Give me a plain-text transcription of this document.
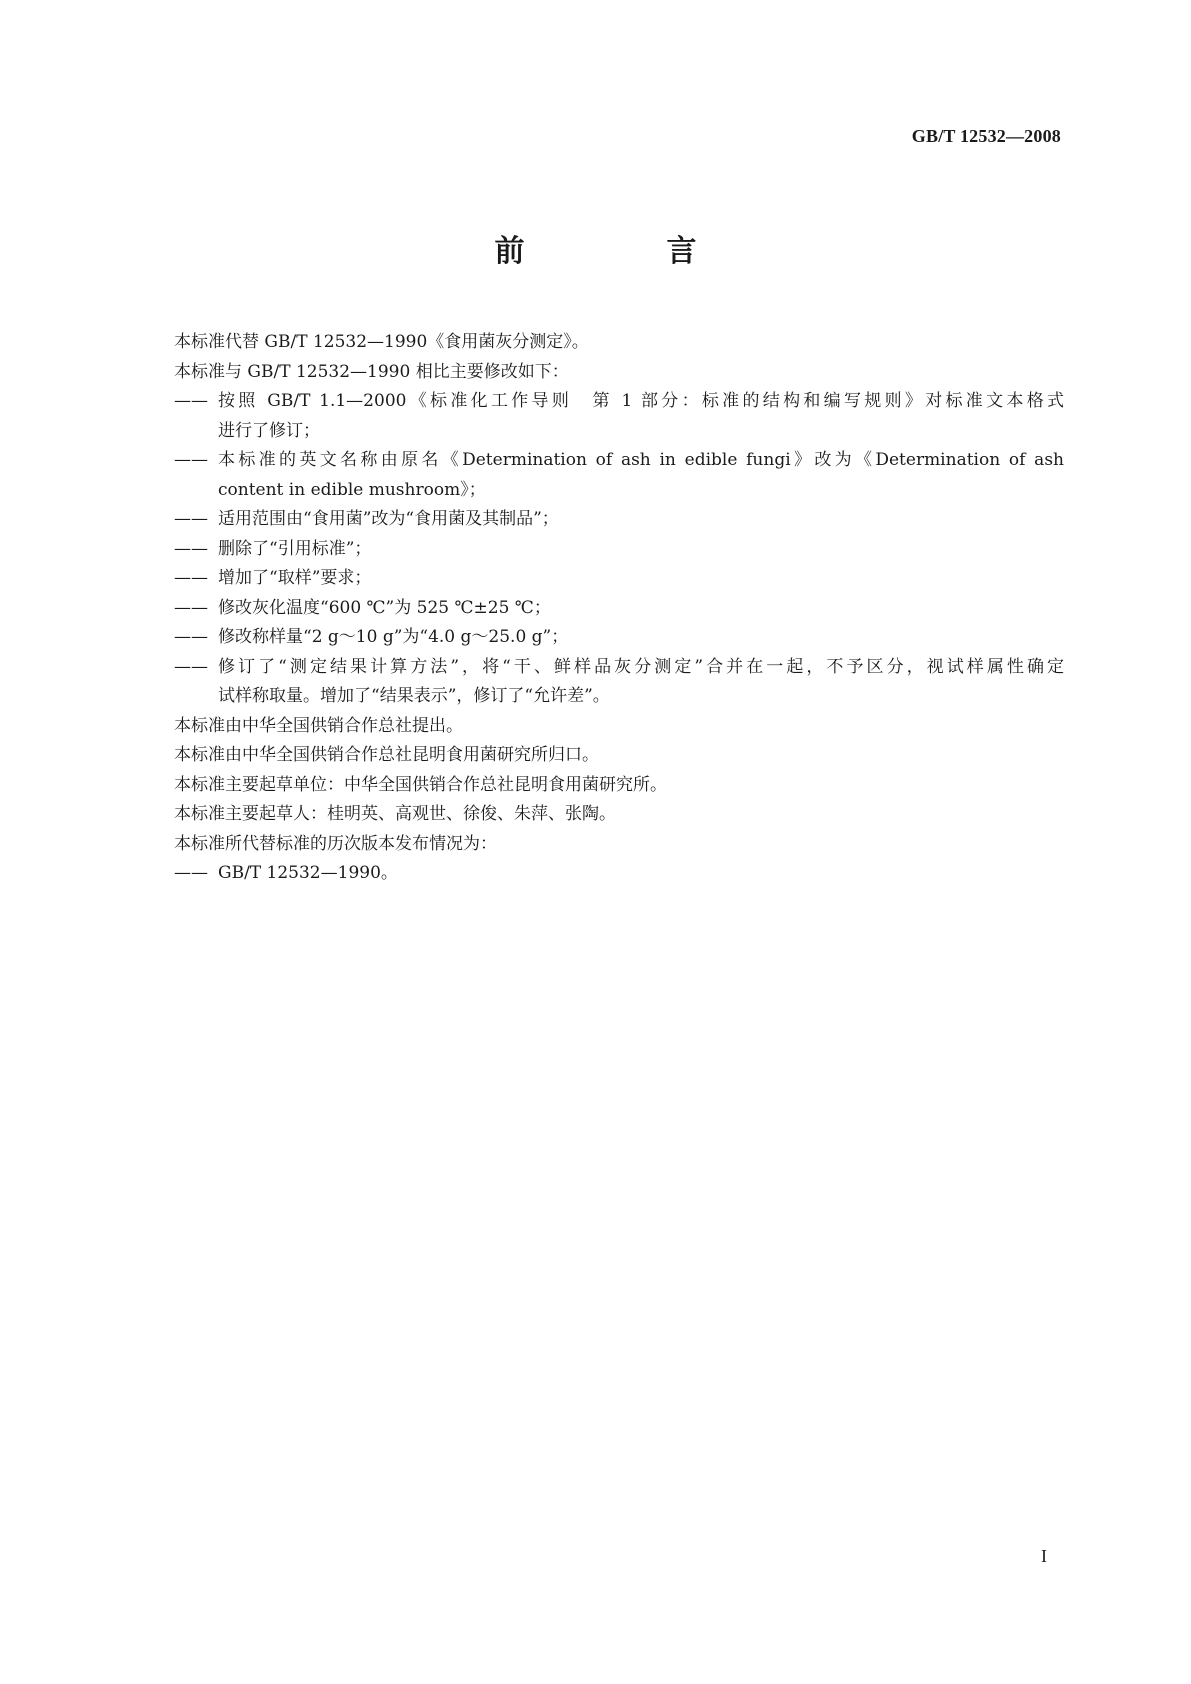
GB/T 12532—2008
前　言

本标准代替 GB/T 12532—1990《食用菌灰分测定》。

本标准与 GB/T 12532—1990 相比主要修改如下：

—— 按照 GB/T 1.1—2000《标准化工作导则　第 1 部分：标准的结构和编写规则》对标准文本格式
进行了修订；
—— 本标准的英文名称由原名《Determination of ash in edible fungi》改为《Determination of ash
content in edible mushroom》；
—— 适用范围由“食用菌”改为“食用菌及其制品”；
—— 删除了“引用标准”；
—— 增加了“取样”要求；
—— 修改灰化温度“600 ℃”为 525 ℃±25 ℃；
—— 修改称样量“2 g～10 g”为“4.0 g～25.0 g”；
—— 修订了“测定结果计算方法”，将“干、鲜样品灰分测定”合并在一起，不予区分，视试样属性确定
试样称取量。增加了“结果表示”，修订了“允许差”。

本标准由中华全国供销合作总社提出。

本标准由中华全国供销合作总社昆明食用菌研究所归口。

本标准主要起草单位：中华全国供销合作总社昆明食用菌研究所。

本标准主要起草人：桂明英、高观世、徐俊、朱萍、张陶。

本标准所代替标准的历次版本发布情况为：

—— GB/T 12532—1990。
I
